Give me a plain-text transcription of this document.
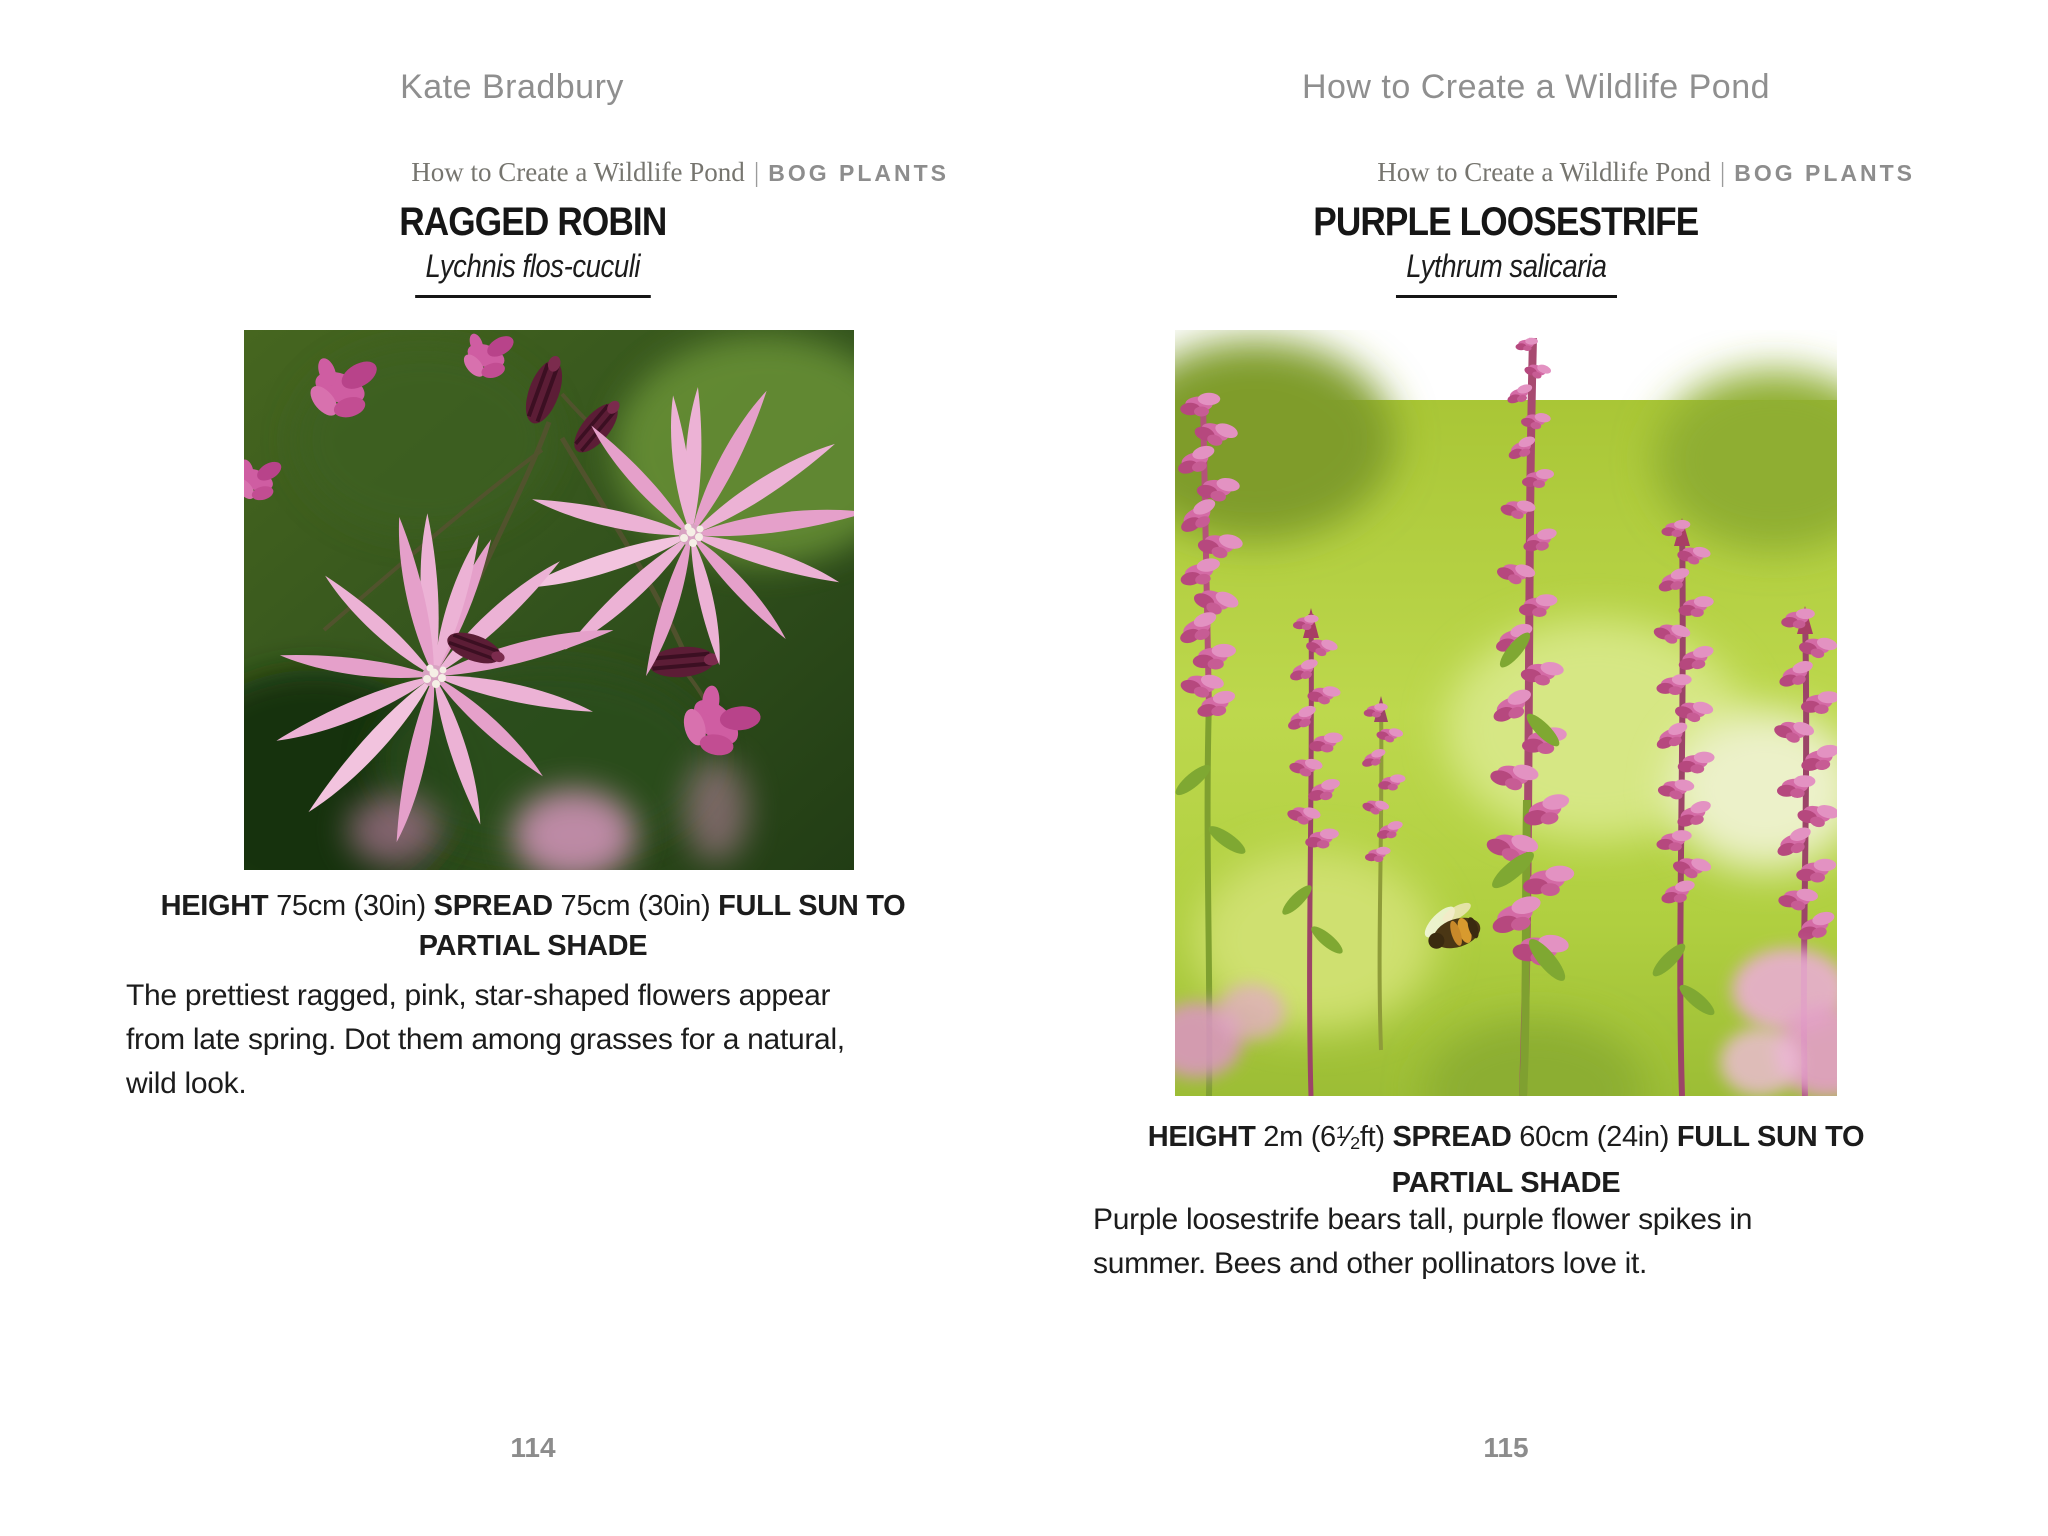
Kate Bradbury
How to Create a Wildlife Pond | BOG PLANTS
RAGGED ROBIN
Lychnis flos-cuculi
HEIGHT 75cm (30in) SPREAD 75cm (30in) FULL SUN TO
PARTIAL SHADE
The prettiest ragged, pink, star-shaped flowers appear
from late spring. Dot them among grasses for a natural,
wild look.
114
How to Create a Wildlife Pond
How to Create a Wildlife Pond | BOG PLANTS
PURPLE LOOSESTRIFE
Lythrum salicaria
HEIGHT 2m $(6^1⁄_2ft)$ SPREAD 60cm (24in) FULL SUN TO
PARTIAL SHADE
Purple loosestrife bears tall, purple flower spikes in
summer. Bees and other pollinators love it.
115
